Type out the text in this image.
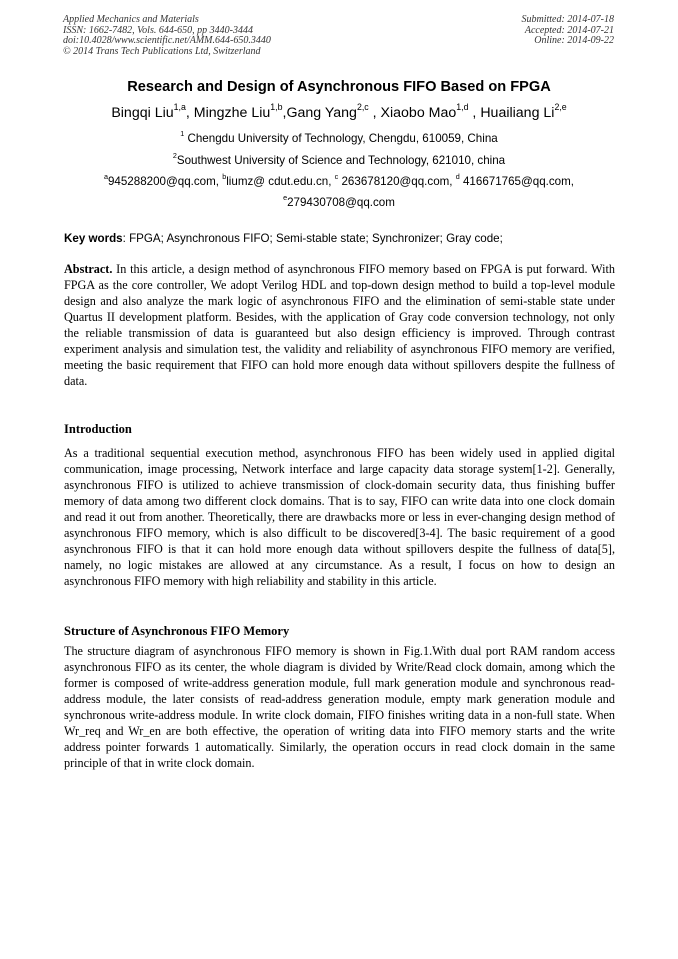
Applied Mechanics and Materials
ISSN: 1662-7482, Vols. 644-650, pp 3440-3444
doi:10.4028/www.scientific.net/AMM.644-650.3440
© 2014 Trans Tech Publications Ltd, Switzerland
Submitted: 2014-07-18
Accepted: 2014-07-21
Online: 2014-09-22
Research and Design of Asynchronous FIFO Based on FPGA
Bingqi Liu$^{1,a}$, Mingzhe Liu$^{1,b}$,Gang Yang$^{2,c}$ , Xiaobo Mao$^{1,d}$ , Huailiang Li$^{2,e}$
$^1$ Chengdu University of Technology, Chengdu, 610059, China
$^2$Southwest University of Science and Technology, 621010, china
$^a$945288200@qq.com, $^b$liumz@ cdut.edu.cn, $^c$ 263678120@qq.com, $^d$ 416671765@qq.com,
$^e$279430708@qq.com
Key words: FPGA; Asynchronous FIFO; Semi-stable state; Synchronizer; Gray code;
Abstract. In this article, a design method of asynchronous FIFO memory based on FPGA is put forward. With FPGA as the core controller, We adopt Verilog HDL and top-down design method to build a top-level module design and also analyze the mark logic of asynchronous FIFO and the elimination of semi-stable state under Quartus II development platform. Besides, with the application of Gray code conversion technology, not only the reliable transmission of data is guaranteed but also design efficiency is improved. Through contrast experiment analysis and simulation test, the validity and reliability of asynchronous FIFO memory are verified, meeting the basic requirement that FIFO can hold more enough data without spillovers despite the fullness of data.
Introduction
As a traditional sequential execution method, asynchronous FIFO has been widely used in applied digital communication, image processing, Network interface and large capacity data storage system[1-2]. Generally, asynchronous FIFO is utilized to achieve transmission of clock-domain security data, thus finishing buffer memory of data among two different clock domains. That is to say, FIFO can write data into one clock domain and read it out from another. Theoretically, there are drawbacks more or less in ever-changing design method of asynchronous FIFO memory, which is also difficult to be discovered[3-4]. The basic requirement of a good asynchronous FIFO is that it can hold more enough data without spillovers despite the fullness of data[5], namely, no logic mistakes are allowed at any circumstance. As a result, I focus on how to design an asynchronous FIFO memory with high reliability and stability in this article.
Structure of Asynchronous FIFO Memory
The structure diagram of asynchronous FIFO memory is shown in Fig.1.With dual port RAM random access asynchronous FIFO as its center, the whole diagram is divided by Write/Read clock domain, among which the former is composed of write-address generation module, full mark generation module and synchronous read-address module, the later consists of read-address generation module, empty mark generation module and synchronous write-address module. In write clock domain, FIFO finishes writing data in a non-full state. When Wr_req and Wr_en are both effective, the operation of writing data into FIFO memory starts and the write address pointer forwards 1 automatically. Similarly, the operation occurs in read clock domain in the same principle of that in write clock domain.
